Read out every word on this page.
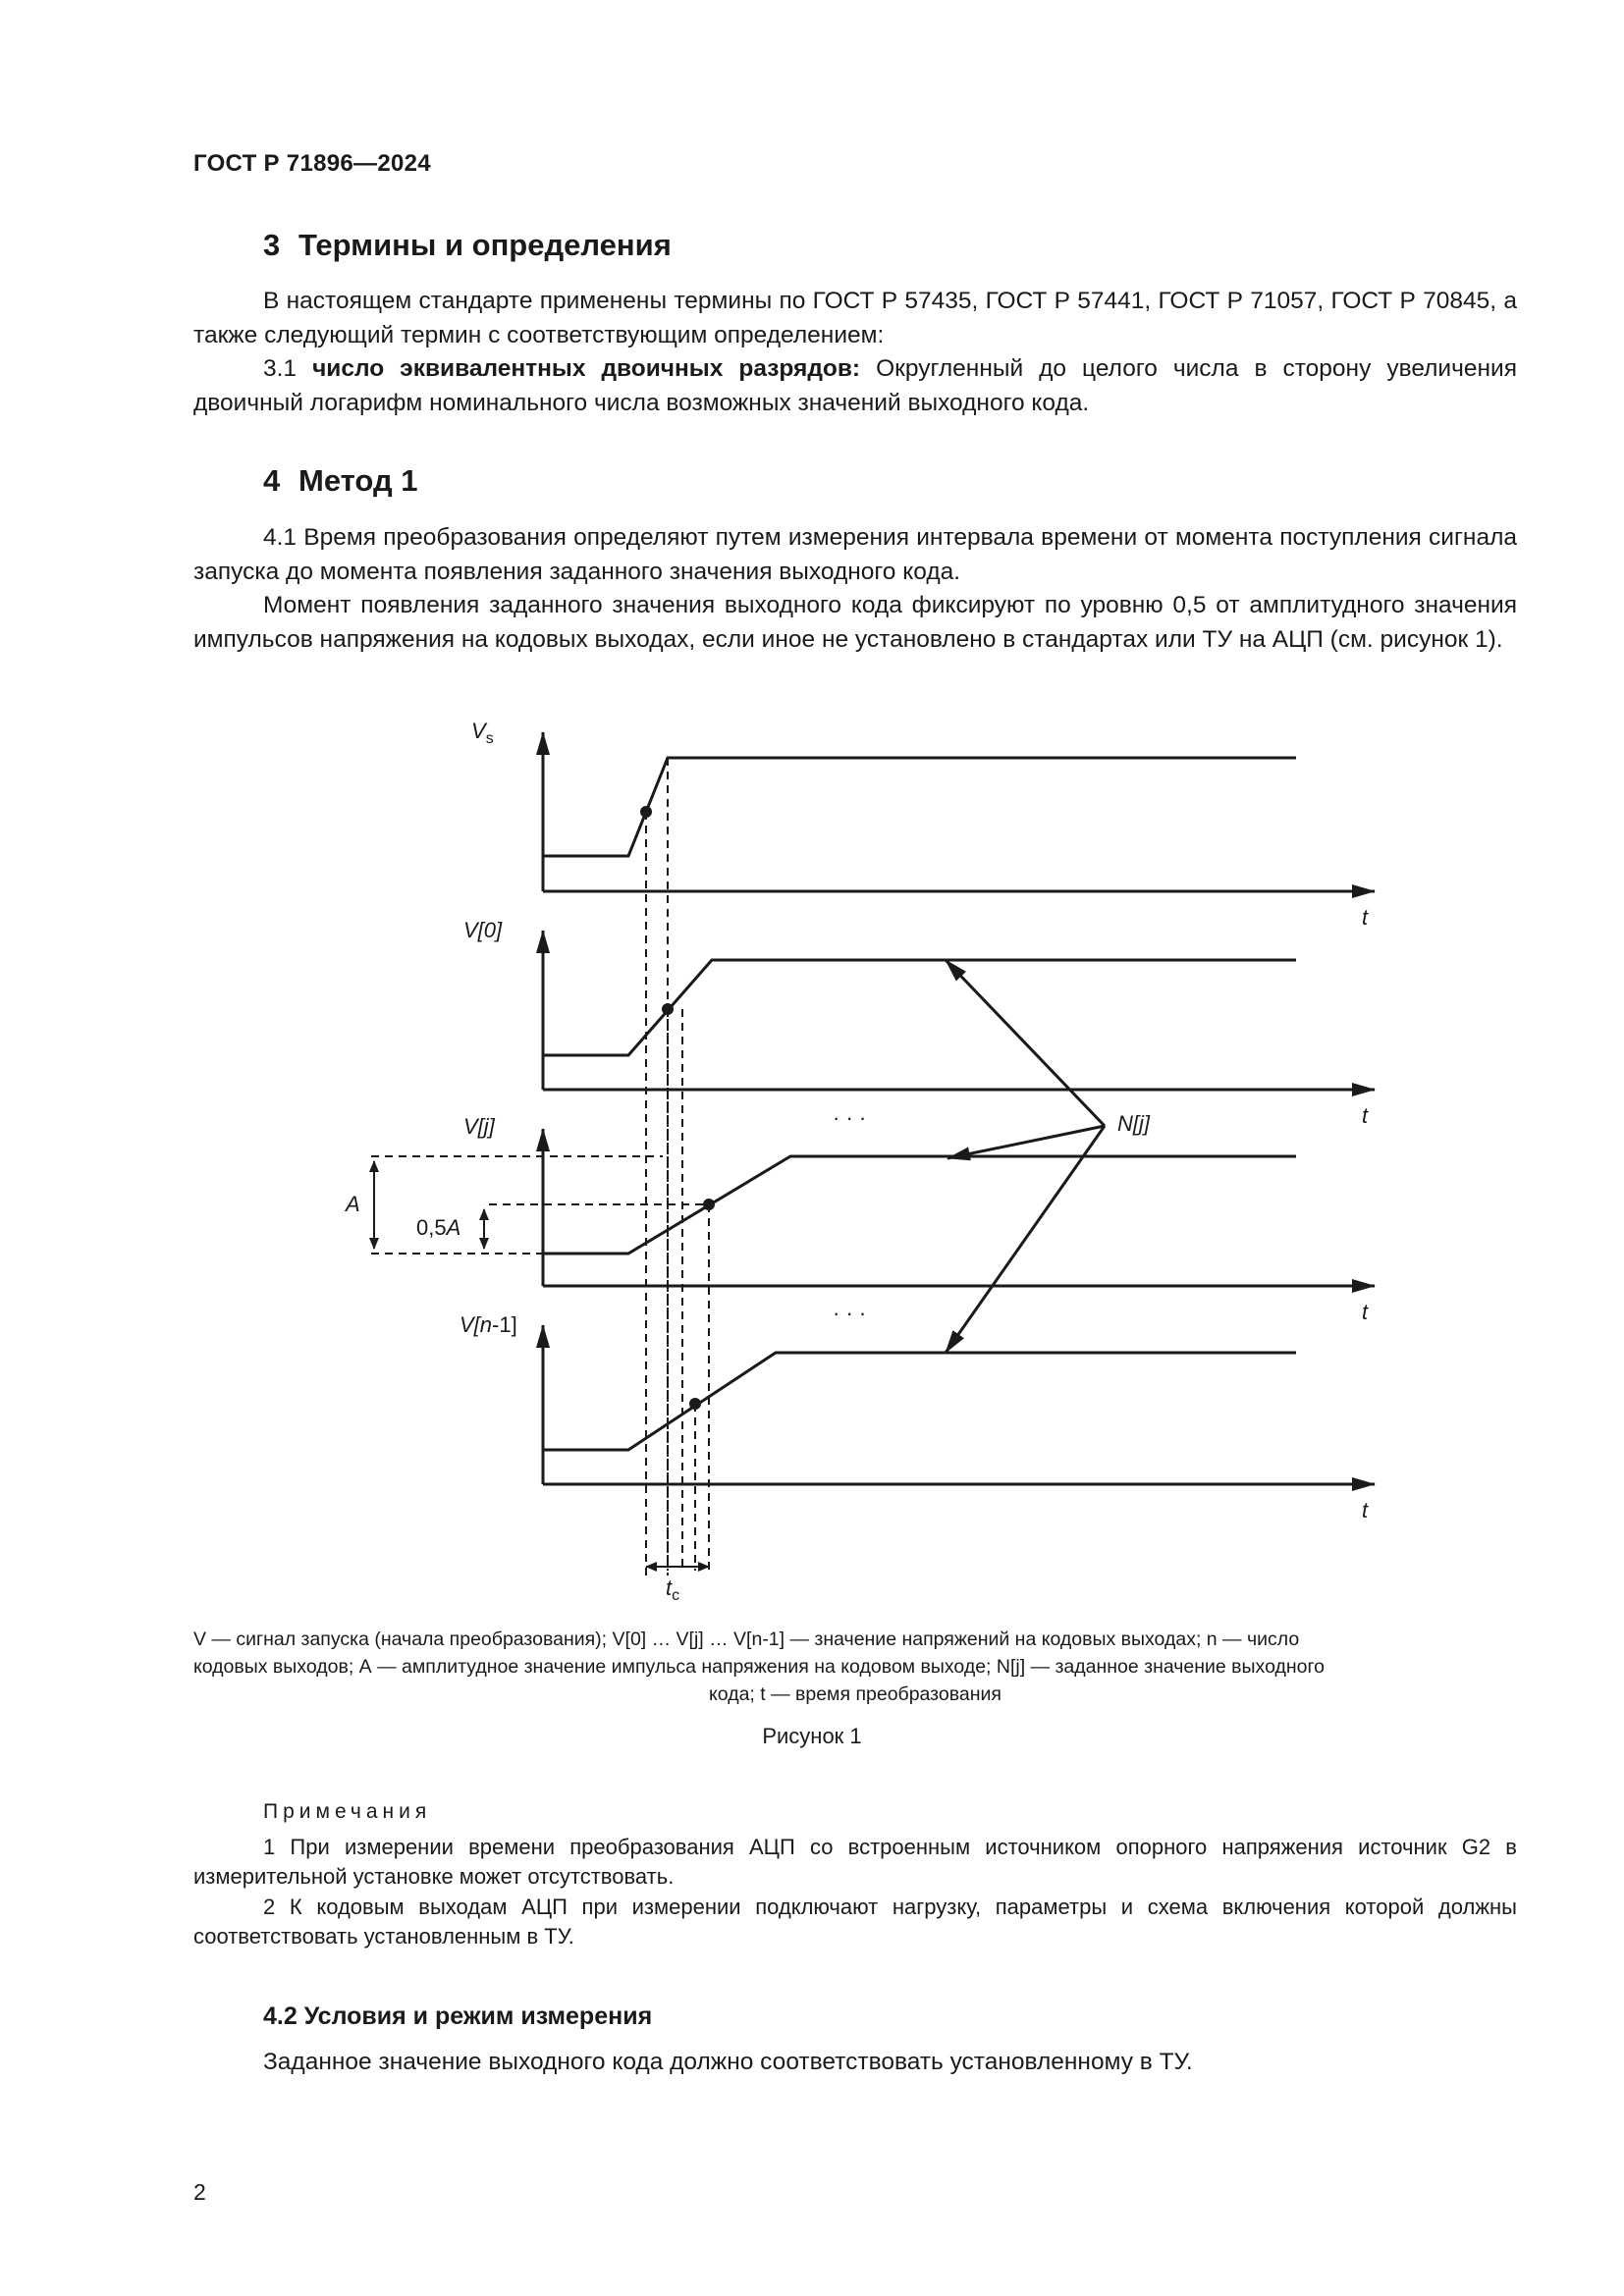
ГОСТ Р 71896—2024
3 Термины и определения
В настоящем стандарте применены термины по ГОСТ Р 57435, ГОСТ Р 57441, ГОСТ Р 71057, ГОСТ Р 70845, а также следующий термин с соответствующим определением:
3.1 число эквивалентных двоичных разрядов: Округленный до целого числа в сторону увеличения двоичный логарифм номинального числа возможных значений выходного кода.
4 Метод 1
4.1 Время преобразования определяют путем измерения интервала времени от момента поступления сигнала запуска до момента появления заданного значения выходного кода.
Момент появления заданного значения выходного кода фиксируют по уровню 0,5 от амплитудного значения импульсов напряжения на кодовых выходах, если иное не установлено в стандартах или ТУ на АЦП (см. рисунок 1).
$V_s$
V[0]
V[j]
V[n-1]
t
t
t
t
A
0,5A
N[j]
$t_c$
· · ·
· · ·
V — сигнал запуска (начала преобразования); V[0] … V[j] … V[n-1] — значение напряжений на кодовых выходах; n — число
кодовых выходов; А — амплитудное значение импульса напряжения на кодовом выходе; N[j] — заданное значение выходного
кода; t — время преобразования
Рисунок 1
Примечания
1 При измерении времени преобразования АЦП со встроенным источником опорного напряжения источник G2 в измерительной установке может отсутствовать.
2 К кодовым выходам АЦП при измерении подключают нагрузку, параметры и схема включения которой должны соответствовать установленным в ТУ.
4.2 Условия и режим измерения
Заданное значение выходного кода должно соответствовать установленному в ТУ.
2
